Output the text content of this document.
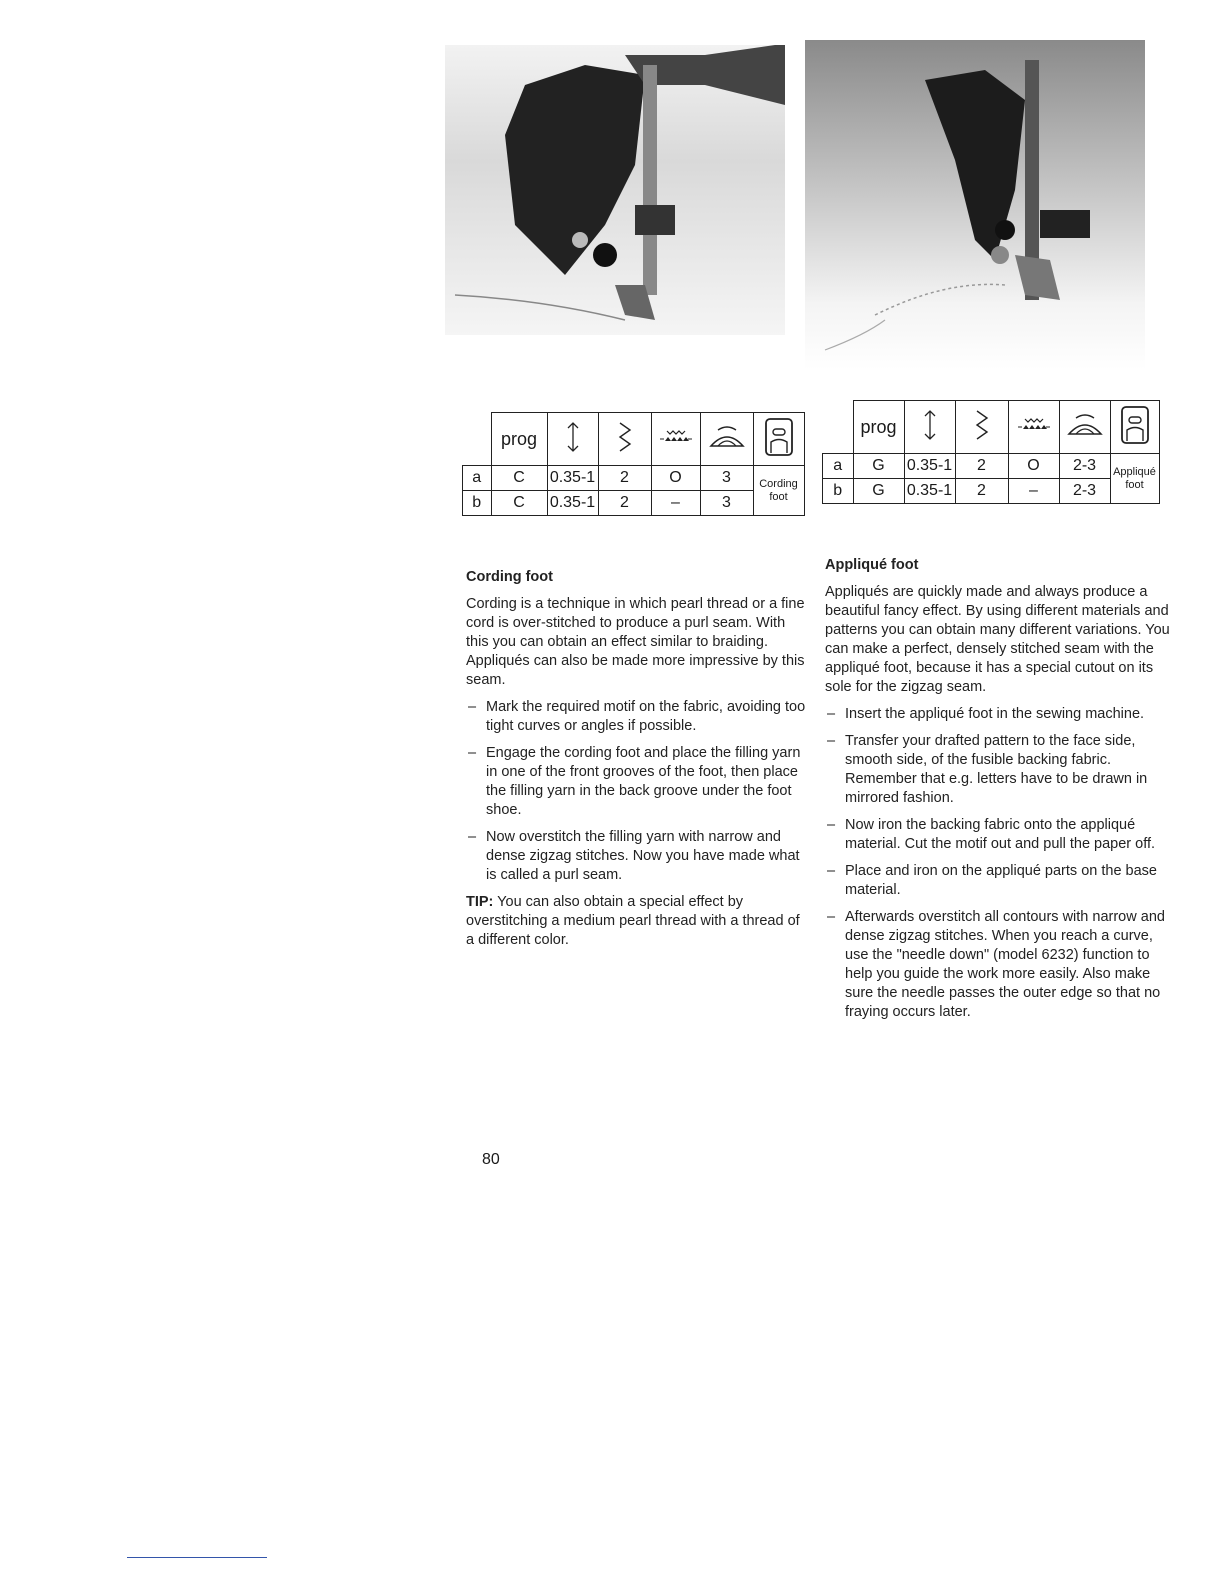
	prog					
a	C	0.35-1	2	O	3	Cording
foot
b	C	0.35-1	2	–	3	
	prog					
a	G	0.35-1	2	O	2-3	Appliqué
foot
b	G	0.35-1	2	–	2-3	
Cording foot

Cording is a technique in which pearl thread or a fine cord is over-stitched to produce a purl seam. With this you can obtain an effect similar to braiding. Appliqués can also be made more impressive by this seam.

– Mark the required motif on the fabric, avoiding too tight curves or angles if possible.
– Engage the cording foot and place the filling yarn in one of the front grooves of the foot, then place the filling yarn in the back groove under the foot shoe.
– Now overstitch the filling yarn with narrow and dense zigzag stitches. Now you have made what is called a purl seam.

TIP: You can also obtain a special effect by overstitching a medium pearl thread with a thread of a different color.

Appliqué foot

Appliqués are quickly made and always produce a beautiful fancy effect. By using different materials and patterns you can obtain many different variations. You can make a perfect, densely stitched seam with the appliqué foot, because it has a special cutout on its sole for the zigzag seam.

– Insert the appliqué foot in the sewing machine.
– Transfer your drafted pattern to the face side, smooth side, of the fusible backing fabric. Remember that e.g. letters have to be drawn in mirrored fashion.
– Now iron the backing fabric onto the appliqué material. Cut the motif out and pull the paper off.
– Place and iron on the appliqué parts on the base material.
– Afterwards overstitch all contours with narrow and dense zigzag stitches. When you reach a curve, use the "needle down" (model 6232) function to help you guide the work more easily. Also make sure the needle passes the outer edge so that no fraying occurs later.
80
